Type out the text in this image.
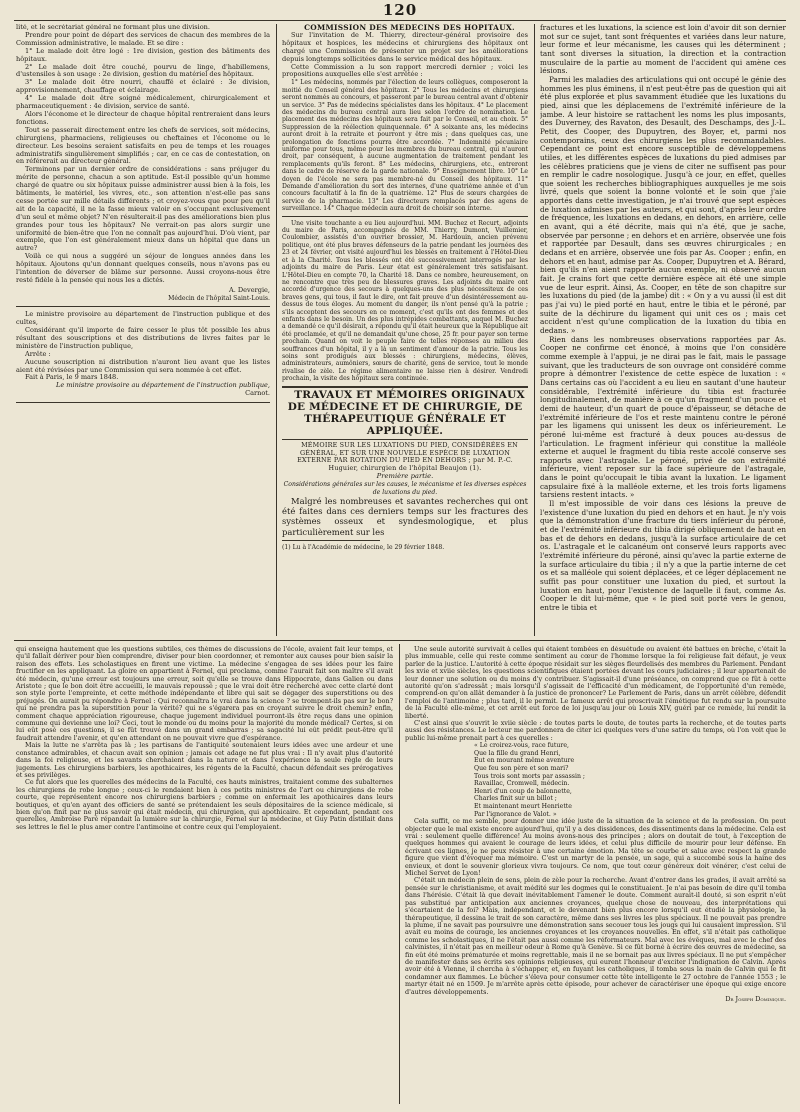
120

lité, et le secrétariat général ne formant plus une division.

Prendre pour point de départ des services de chacun des membres de la Commission administrative, le malade. Et se dire :

1° Le malade doit être logé : 1re division, gestion des bâtiments des hôpitaux.

2° Le malade doit être couché, pourvu de linge, d'habillemens, d'ustensiles à son usage : 2e division, gestion du matériel des hôpitaux.

3° Le malade doit être nourri, chauffé et éclairé : 3e division, approvisionnement, chauffage et éclairage.

4° Le malade doit être soigné médicalement, chirurgicalement et pharmaceutiquement : 4e division, service de santé.

Alors l'économe et le directeur de chaque hôpital rentreraient dans leurs fonctions.

Tout se passerait directement entre les chefs de services, soit médecins, chirurgiens, pharmaciens, religieuses ou cheftaines et l'économe ou le directeur. Les besoins seraient satisfaits en peu de temps et les rouages administratifs singulièrement simplifiés ; car, en ce cas de contestation, on en référerait au directeur général.

Terminons par un dernier ordre de considérations : sans préjuger du mérite de personne, chacun a son aptitude. Est-il possible qu'un homme chargé de quatre ou six hôpitaux puisse administrer aussi bien à la fois, les bâtiments, le matériel, les vivres, etc., son attention n'est-elle pas sans cesse portée sur mille détails différents ; et croyez-vous que pour peu qu'il ait de la capacité, il ne la fasse mieux valoir en s'occupant exclusivement d'un seul et même objet? N'en résulterait-il pas des améliorations bien plus grandes pour tous les hôpitaux? Ne verrait-on pas alors surgir une uniformité de bien-être que l'on ne connaît pas aujourd'hui. D'où vient, par exemple, que l'on est généralement mieux dans un hôpital que dans un autre?

Voilà ce qui nous a suggéré un séjour de longues années dans les hôpitaux. Ajoutons qu'un donnant quelques conseils, nous n'avons pas eu l'intention de déverser de blâme sur personne. Aussi croyons-nous être resté fidèle à la pensée qui nous les a dictés.

A. Devergie,

Médecin de l'hôpital Saint-Louis.

Le ministre provisoire au département de l'instruction publique et des cultes,

Considérant qu'il importe de faire cesser le plus tôt possible les abus résultant des souscriptions et des distributions de livres faites par le ministère de l'instruction publique,

Arrête :

Aucune souscription ni distribution n'auront lieu avant que les listes aient été révisées par une Commission qui sera nommée à cet effet.

Fait à Paris, le 9 mars 1848.

Le ministre provisoire au département de l'instruction publique,

Carnot.

COMMISSION DES MÉDECINS DES HÔPITAUX.

Sur l'invitation de M. Thierry, directeur-général provisoire des hôpitaux et hospices, les médecins et chirurgiens des hôpitaux ont chargé une Commission de présenter un projet sur les améliorations depuis longtemps sollicitées dans le service médical des hôpitaux.

Cette Commission a lu son rapport mercredi dernier ; voici les propositions auxquelles elle s'est arrêtée :

1° Les médecins, nommés par l'élection de leurs collègues, composeront la moitié du Conseil général des hôpitaux. 2° Tous les médecins et chirurgiens seront nommés au concours, et passeront par le bureau central avant d'obtenir un service. 3° Pas de médecins spécialistes dans les hôpitaux. 4° Le placement des médecins du bureau central aura lieu selon l'ordre de nomination. Le placement des médecins des hôpitaux sera fait par le Conseil, et au choix. 5° Suppression de la réélection quinquennale. 6° A soixante ans, les médecins auront droit à la retraite et pourront y être mis ; dans quelques cas, une prolongation de fonctions pourra être accordée. 7° Indemnité pécuniaire uniforme pour tous, même pour les membres du bureau central, qui n'auront droit, par conséquent, à aucune augmentation de traitement pendant les remplacements qu'ils feront. 8° Les médecins, chirurgiens, etc., entreront dans le cadre de réserve de la garde nationale. 9° Enseignement libre. 10° Le doyen de l'école ne sera pas membre-né du Conseil des hôpitaux. 11° Demande d'amélioration du sort des internes, d'une quatrième année et d'un concours facultatif à la fin de la quatrième. 12° Plus de sœurs chargées de service de la pharmacie. 13° Les directeurs remplacés par des agens de surveillance. 14° Chaque médecin aura droit de choisir son interne.

Une visite touchante a eu lieu aujourd'hui. MM. Buchez et Recurt, adjoints du maire de Paris, accompagnés de MM. Thierry, Dumont, Vuillemier, Coulombier, assistés d'un ouvrier brossier, M. Hardouin, ancien prévenu politique, ont été plus braves défenseurs de la patrie pendant les journées des 23 et 24 février, ont visité aujourd'hui les blessés en traitement à l'Hôtel-Dieu et à la Charité. Tous les blessés ont été successivement interrogés par les adjoints du maire de Paris. Leur état est généralement très satisfaisant. L'Hôtel-Dieu en compte 70, la Charité 18. Dans ce nombre, heureusement, on ne rencontre que très peu de blessures graves. Les adjoints du maire ont accordé d'urgence des secours à quelques-uns des plus nécessiteux de ces braves gens, qui tous, il faut le dire, ont fait preuve d'un désintéressement au-dessus de tous éloges. Au moment du danger, ils n'ont pensé qu'à la patrie ; s'ils acceptent des secours en ce moment, c'est qu'ils ont des femmes et des enfants dans le besoin. Un des plus intrépides combattants, auquel M. Buchez a demandé ce qu'il désirait, a répondu qu'il était heureux que la République ait été proclamée, et qu'il ne demandait qu'une chose, 25 fr. pour payer son terme prochain. Quand on voit le peuple faire de telles réponses au milieu des souffrances d'un hôpital, il y a là un sentiment d'amour de la patrie. Tous les soins sont prodigués aux blessés : chirurgiens, médecins, élèves, administrateurs, aumôniers, sœurs de charité, gens de service, tout le monde rivalise de zèle. Le régime alimentaire ne laisse rien à désirer. Vendredi prochain, la visite des hôpitaux sera continuée.

TRAVAUX ET MÉMOIRES ORIGINAUX DE MÉDECINE ET DE CHIRURGIE, DE THÉRAPEUTIQUE GÉNÉRALE ET APPLIQUÉE.

MÉMOIRE SUR LES LUXATIONS DU PIED, CONSIDÉRÉES EN GÉNÉRAL, ET SUR UNE NOUVELLE ESPÈCE DE LUXATION EXTERNE PAR ROTATION DU PIED EN DEHORS ; par M. P.-C. Huguier, chirurgien de l'hôpital Beaujon (1).

Première partie.

Considérations générales sur les causes, le mécanisme et les diverses espèces de luxations du pied.

Malgré les nombreuses et savantes recherches qui ont été faites dans ces derniers temps sur les fractures des systèmes osseux et syndesmologique, et plus particulièrement sur les

(1) Lu à l'Académie de médecine, le 29 février 1848.

fractures et les luxations, la science est loin d'avoir dit son dernier mot sur ce sujet, tant sont fréquentes et variées dans leur nature, leur forme et leur mécanisme, les causes qui les déterminent ; tant sont diverses la situation, la direction et la contraction musculaire de la partie au moment de l'accident qui amène ces lésions.

Parmi les maladies des articulations qui ont occupé le génie des hommes les plus éminens, il n'est peut-être pas de question qui ait été plus explorée et plus savamment étudiée que les luxations du pied, ainsi que les déplacemens de l'extrémité inférieure de la jambe. A leur histoire se rattachent les noms les plus imposants, des Duverney, des Ravaton, des Desault, des Deschamps, des J.-L. Petit, des Cooper, des Dupuytren, des Boyer, et, parmi nos contemporains, ceux des chirurgiens les plus recommandables. Cependant ce point est encore susceptible de développemens utiles, et les différentes espèces de luxations du pied admises par les célèbres praticiens que je viens de citer ne suffisent pas pour en remplir le cadre nosologique. Jusqu'à ce jour, en effet, quelles que soient les recherches bibliographiques auxquelles je me sois livré, quels que soient la bonne volonté et le soin que j'aie apportés dans cette investigation, je n'ai trouvé que sept espèces de luxation admises par les auteurs, et qui sont, d'après leur ordre de fréquence, les luxations en dedans, en dehors, en arrière, celle en avant, qui a été décrite, mais qui n'a été, que je sache, observée par personne ; en dehors et en arrière, observée une fois et rapportée par Desault, dans ses œuvres chirurgicales ; en dedans et en arrière, observée une fois par As. Cooper ; enfin, en dehors et en haut, admise par As. Cooper, Dupuytren et A. Bérard, bien qu'ils n'en aient rapporté aucun exemple, ni observé aucun fait. Je crains fort que cette dernière espèce ait été une simple vue de leur esprit. Ainsi, As. Cooper, en tête de son chapitre sur les luxations du pied (de la jambe) dit : « On y a vu aussi (il est dit pas j'ai vu) le pied porté en haut, entre le tibia et le péroné, par suite de la déchirure du ligament qui unit ces os ; mais cet accident n'est qu'une complication de la luxation du tibia en dedans. »

Rien dans les nombreuses observations rapportées par As. Cooper ne confirme cet énoncé, à moins que l'on considère comme exemple à l'appui, je ne dirai pas le fait, mais le passage suivant, que les traducteurs de son ouvrage ont considéré comme propre à démontrer l'existence de cette espèce de luxation : « Dans certains cas où l'accident a eu lieu en sautant d'une hauteur considérable, l'extrémité inférieure du tibia est fracturée longitudinalement, de manière à ce qu'un fragment d'un pouce et demi de hauteur, d'un quart de pouce d'épaisseur, se détache de l'extrémité inférieure de l'os et reste maintenu contre le péroné par les ligamens qui unissent les deux os inférieurement. Le péroné lui-même est fracturé à deux pouces au-dessus de l'articulation. Le fragment inférieur qui constitue la malléole externe et auquel le fragment du tibia reste accolé conserve ses rapports avec l'astragale. Le péroné, privé de son extrémité inférieure, vient reposer sur la face supérieure de l'astragale, dans le point qu'occupait le tibia avant la luxation. Le ligament capsulaire fixé à la malléole externe, et les trois forts ligamens tarsiens restent intacts. »

Il m'est impossible de voir dans ces lésions la preuve de l'existence d'une luxation du pied en dehors et en haut. Je n'y vois que la démonstration d'une fracture du tiers inférieur du péroné, et de l'extrémité inférieure du tibia dirigé obliquement de haut en bas et de dehors en dedans, jusqu'à la surface articulaire de cet os. L'astragale et le calcanéum ont conservé leurs rapports avec l'extrémité inférieure du péroné, ainsi qu'avec la partie externe de la surface articulaire du tibia ; il n'y a que la partie interne de cet os et sa malléole qui soient déplacées, et ce léger déplacement ne suffit pas pour constituer une luxation du pied, et surtout la luxation en haut, pour l'existence de laquelle il faut, comme As. Cooper le dit lui-même, que « le pied soit porté vers le genou, entre le tibia et

qui enseigna hautement que les questions subtiles, ces thèmes de discussions de l'école, avaient fait leur temps, et qu'il fallait dériver pour bien comprendre, diviser pour bien coordonner, et remonter aux causes pour bien saisir la raison des effets. Les scholastiques en firent une victime. La médecine s'engagea de ses idées pour les faire fructifier en les appliquant. La gloire en appartient à Fernel, qui proclama, comme l'aurait fait son maître s'il avait été médecin, qu'une erreur est toujours une erreur, soit qu'elle se trouve dans Hippocrate, dans Galien ou dans Aristote ; que le bon doit être accueilli, le mauvais repoussé ; que le vrai doit être recherché avec cette clarté dont son style porte l'empreinte, et cette méthode indépendante et libre qui sait se dégager des superstitions ou des préjugés. On aurait pu répondre à Fernel : Qui reconnaîtra le vrai dans la science ? se trompent-ils pas sur le bon? qui ne prendra pas la superstition pour la vérité? qui ne s'égarera pas en croyant suivre le droit chemin? enfin, comment chaque appréciation rigoureuse, chaque jugement individuel pourront-ils être reçus dans une opinion commune qui devienne une loi? Ceci, tout le monde ou du moins pour la majorité du monde médical? Certes, si on lui eût posé ces questions, il se fût trouvé dans un grand embarras ; sa sagacité lui eût prédit peut-être qu'il faudrait attendre l'avenir, et qu'en attendant on ne pouvait vivre que d'espérance.

Mais la lutte ne s'arrêta pas là ; les partisans de l'antiquité soutenaient leurs idées avec une ardeur et une constance admirables, et chacun avait son opinion ; jamais cet adage ne fut plus vrai : Il n'y avait plus d'autorité dans la foi religieuse, et les savants cherchaient dans la nature et dans l'expérience la seule règle de leurs jugements. Les chirurgiens barbiers, les apothicaires, les régents de la Faculté, chacun défendait ses prérogatives et ses privilèges.

Ce fut alors que les querelles des médecins de la Faculté, ces hauts ministres, traitaient comme des subalternes les chirurgiens de robe longue ; ceux-ci le rendaient bien à ces petits ministres de l'art ou chirurgiens de robe courte, que représentent encore nos chirurgiens barbiers ; comme on enfermait les apothicaires dans leurs boutiques, et qu'en ayant des officiers de santé se prétendaient les seuls dépositaires de la science médicale, si bien qu'on finit par ne plus savoir qui était médecin, qui chirurgien, qui apothicaire. Et cependant, pendant ces querelles, Ambroise Paré répandait la lumière sur la chirurgie, Fernel sur la médecine, et Guy Patin distillait dans ses lettres le fiel le plus amer contre l'antimoine et contre ceux qui l'employaient.

Une seule autorité survivait à celles qui étaient tombées en désuétude ou avaient été battues en brèche, c'était la plus immuable, celle qui reste comme sentiment au cœur de l'homme lorsque la foi religieuse fait défaut, je veux parler de la justice. L'autorité à cette époque résidait sur les sièges fleurdelisés des membres du Parlement. Pendant les xvie et xviie siècles, les questions scientifiques étaient portées devant les cours judiciaires ; il leur appartenait de leur donner une solution ou du moins d'y contribuer. S'agissait-il d'une préséance, on comprend que ce fût à cette autorité qu'on s'adressât ; mais lorsqu'il s'agissait de l'efficacité d'un médicament, de l'opportunité d'un remède, comprend-on qu'on allât demander à la justice de prononcer? Le Parlement de Paris, dans un arrêt célèbre, défendit l'emploi de l'antimoine ; plus tard, il le permit. Le fameux arrêt qui proscrivait l'émétique fut rendu sur la poursuite de la Faculté elle-même, et cet arrêt eut force de loi jusqu'au jour où Louis XIV, guéri par ce remède, lui rendit la liberté.

C'est ainsi que s'ouvrit le xviie siècle : de toutes parts le doute, de toutes parts la recherche, et de toutes parts aussi des résistances. Le lecteur me pardonnera de citer ici quelques vers d'une satire du temps, où l'on voit que le public lui-même prenait part à ces querelles :

« Le croirez-vous, race future,

Que la fille du grand Henri,

Eut en mourant même aventure

Que feu son père et son mari?

Tous trois sont morts par assassin ;

Ravaillac, Cromwell, médecin.

Henri d'un coup de baïonnette,

Charles finit sur un billot ;

Et maintenant meurt Henriette

Par l'ignorance de Valot. »

Cela suffit, ce me semble, pour donner une idée juste de la situation de la science et de la profession. On peut objecter que le mal existe encore aujourd'hui, qu'il y a des dissidences, des dissentiments dans la médecine. Cela est vrai : seulement quelle différence! Au moins avons-nous des principes ; alors on doutait de tout, à l'exception de quelques hommes qui avaient le courage de leurs idées, et celui plus difficile de mourir pour leur défense. En écrivant ces lignes, je ne peux résister à une certaine émotion. Ma tête se courbe et salue avec respect la grande figure que vient d'évoquer ma mémoire. C'est un martyr de la pensée, un sage, qui a succombé sous la haine des envieux, et dont le souvenir glorieux vivra toujours. Ce nom, que tout cœur généreux doit vénérer, c'est celui de Michel Servet de Lyon!

C'était un médecin plein de sens, plein de zèle pour la recherche. Avant d'entrer dans les grades, il avait arrêté sa pensée sur le christianisme, et avait médité sur les dogmes qui le constituaient. Je n'ai pas besoin de dire qu'il tomba dans l'hérésie. C'était là que devait inévitablement l'amener le doute. Comment aurait-il douté, si son esprit n'eût pas substitué par anticipation aux anciennes croyances, quelque chose de nouveau, des interprétations qui s'écartaient de la foi? Mais, indépendant, et le devenant bien plus encore lorsqu'il eut étudié la physiologie, la thérapeutique, il dessina le trait de son caractère, même dans ses livres les plus spéciaux. Il ne pouvait pas prendre la plume, il ne savait pas poursuivre une démonstration sans secouer tous les jougs qui lui causaient impression. S'il avait eu moins de courage, les anciennes croyances et les croyances nouvelles. En effet, s'il n'était pas catholique comme les scholastiques, il ne l'était pas aussi comme les réformateurs. Mal avec les évêques, mal avec le chef des calvinistes, il n'était pas en meilleur odeur à Rome qu'à Genève. Si ce fût borné à écrire des œuvres de médecine, sa fin eût été moins prématurée et moins regrettable, mais il ne se bornait pas aux livres spéciaux. Il ne put s'empêcher de manifester dans ses écrits ses opinions religieuses, qui eurent l'honneur d'exciter l'indignation de Calvin. Après avoir été à Vienne, il chercha à s'échapper, et, en fuyant les catholiques, il tomba sous la main de Calvin qui le fit condamner aux flammes. Le bûcher s'éleva pour consumer cette tête intelligente le 27 octobre de l'année 1553 ; le martyr était né en 1509. Je m'arrête après cette épisode, pour achever de caractériser une époque qui exige encore d'autres développements.

Dr Joseph Dominique.
